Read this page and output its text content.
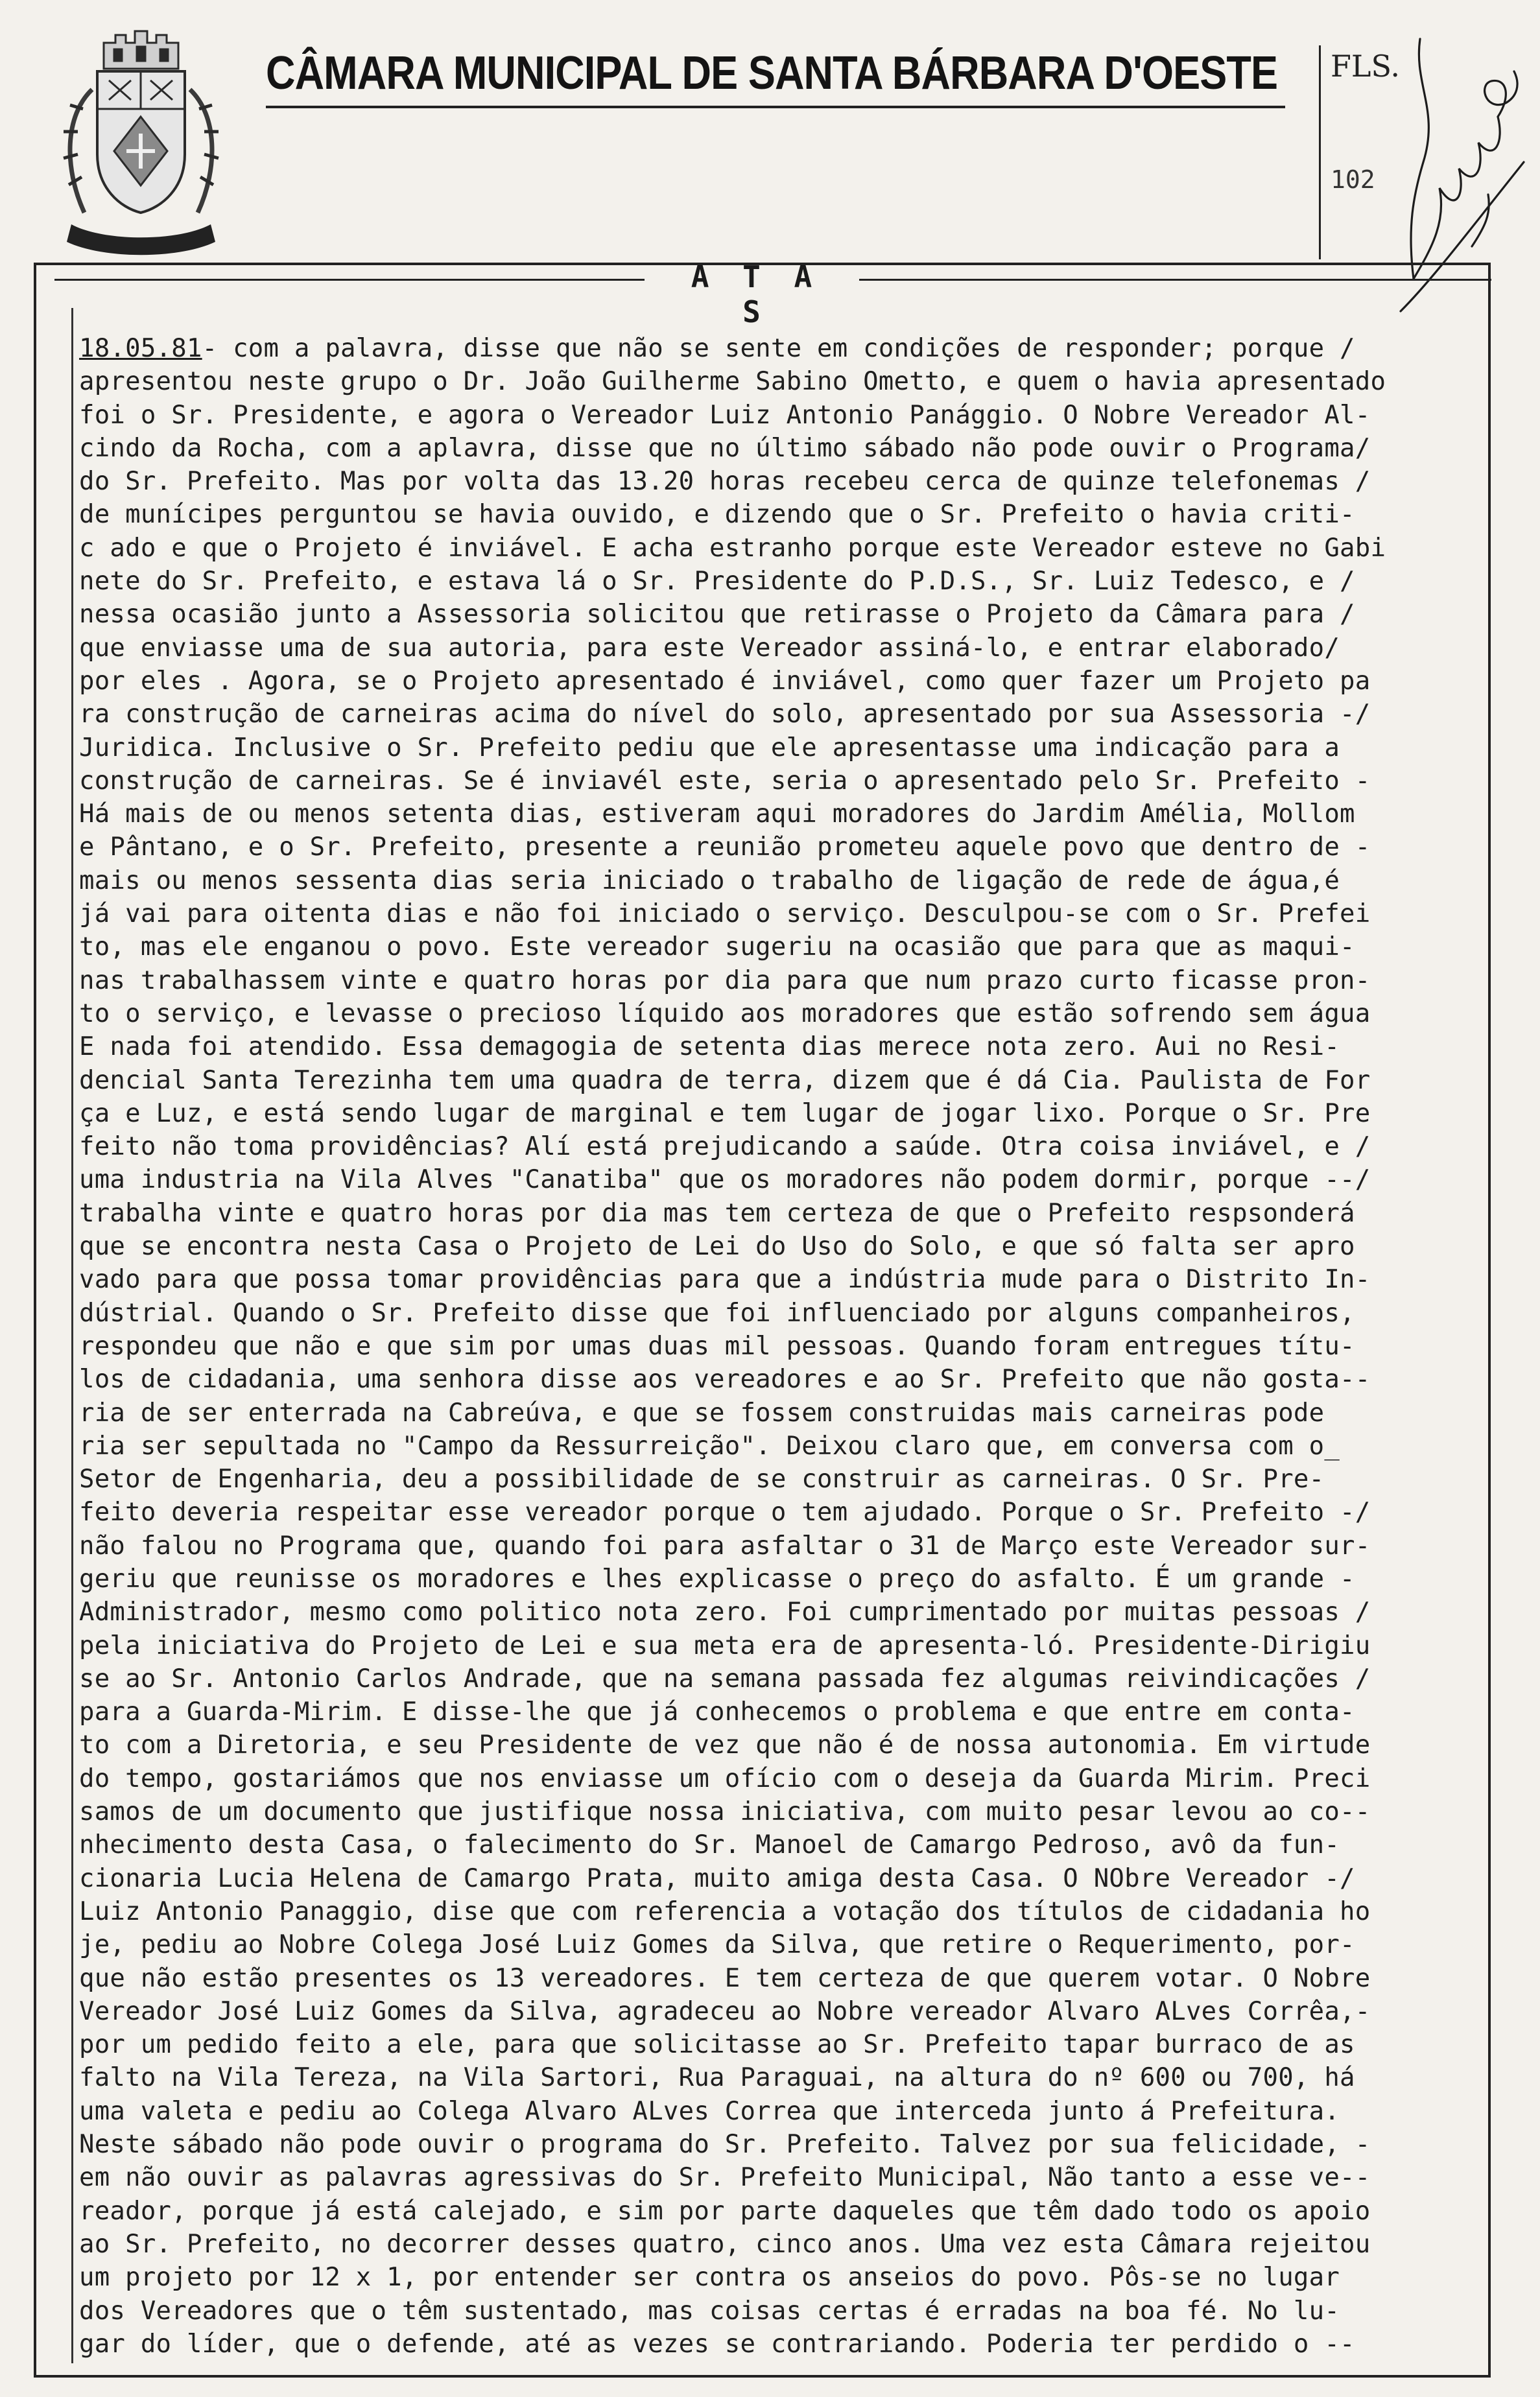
CÂMARA MUNICIPAL DE SANTA BÁRBARA D'OESTE FLS.
102
A T A S
18.05.81- com a palavra, disse que não se sente em condições de responder; porque /
apresentou neste grupo o Dr. João Guilherme Sabino Ometto, e quem o havia apresentado
foi o Sr. Presidente, e agora o Vereador Luiz Antonio Panággio. O Nobre Vereador Al-
cindo da Rocha, com a aplavra, disse que no último sábado não pode ouvir o Programa/
do Sr. Prefeito. Mas por volta das 13.20 horas recebeu cerca de quinze telefonemas /
de munícipes perguntou se havia ouvido, e dizendo que o Sr. Prefeito o havia criti-
c ado e que o Projeto é inviável. E acha estranho porque este Vereador esteve no Gabi
nete do Sr. Prefeito, e estava lá o Sr. Presidente do P.D.S., Sr. Luiz Tedesco, e /
nessa ocasião junto a Assessoria solicitou que retirasse o Projeto da Câmara para /
que enviasse uma de sua autoria, para este Vereador assiná-lo, e entrar elaborado/
por eles . Agora, se o Projeto apresentado é inviável, como quer fazer um Projeto pa
ra construção de carneiras acima do nível do solo, apresentado por sua Assessoria -/
Juridica. Inclusive o Sr. Prefeito pediu que ele apresentasse uma indicação para a
construção de carneiras. Se é inviavél este, seria o apresentado pelo Sr. Prefeito -
Há mais de ou menos setenta dias, estiveram aqui moradores do Jardim Amélia, Mollom
e Pântano, e o Sr. Prefeito, presente a reunião prometeu aquele povo que dentro de -
mais ou menos sessenta dias seria iniciado o trabalho de ligação de rede de água,é
já vai para oitenta dias e não foi iniciado o serviço. Desculpou-se com o Sr. Prefei
to, mas ele enganou o povo. Este vereador sugeriu na ocasião que para que as maqui-
nas trabalhassem vinte e quatro horas por dia para que num prazo curto ficasse pron-
to o serviço, e levasse o precioso líquido aos moradores que estão sofrendo sem água
E nada foi atendido. Essa demagogia de setenta dias merece nota zero. Aui no Resi-
dencial Santa Terezinha tem uma quadra de terra, dizem que é dá Cia. Paulista de For
ça e Luz, e está sendo lugar de marginal e tem lugar de jogar lixo. Porque o Sr. Pre
feito não toma providências? Alí está prejudicando a saúde. Otra coisa inviável, e /
uma industria na Vila Alves "Canatiba" que os moradores não podem dormir, porque --/
trabalha vinte e quatro horas por dia mas tem certeza de que o Prefeito respsonderá
que se encontra nesta Casa o Projeto de Lei do Uso do Solo, e que só falta ser apro
vado para que possa tomar providências para que a indústria mude para o Distrito In-
dústrial. Quando o Sr. Prefeito disse que foi influenciado por alguns companheiros,
respondeu que não e que sim por umas duas mil pessoas. Quando foram entregues títu-
los de cidadania, uma senhora disse aos vereadores e ao Sr. Prefeito que não gosta--
ria de ser enterrada na Cabreúva, e que se fossem construidas mais carneiras pode
ria ser sepultada no "Campo da Ressurreição". Deixou claro que, em conversa com o_
Setor de Engenharia, deu a possibilidade de se construir as carneiras. O Sr. Pre-
feito deveria respeitar esse vereador porque o tem ajudado. Porque o Sr. Prefeito -/
não falou no Programa que, quando foi para asfaltar o 31 de Março este Vereador sur-
geriu que reunisse os moradores e lhes explicasse o preço do asfalto. É um grande -
Administrador, mesmo como politico nota zero. Foi cumprimentado por muitas pessoas /
pela iniciativa do Projeto de Lei e sua meta era de apresenta-ló. Presidente-Dirigiu
se ao Sr. Antonio Carlos Andrade, que na semana passada fez algumas reivindicações /
para a Guarda-Mirim. E disse-lhe que já conhecemos o problema e que entre em conta-
to com a Diretoria, e seu Presidente de vez que não é de nossa autonomia. Em virtude
do tempo, gostariámos que nos enviasse um ofício com o deseja da Guarda Mirim. Preci
samos de um documento que justifique nossa iniciativa, com muito pesar levou ao co--
nhecimento desta Casa, o falecimento do Sr. Manoel de Camargo Pedroso, avô da fun-
cionaria Lucia Helena de Camargo Prata, muito amiga desta Casa. O NObre Vereador -/
Luiz Antonio Panaggio, dise que com referencia a votação dos títulos de cidadania ho
je, pediu ao Nobre Colega José Luiz Gomes da Silva, que retire o Requerimento, por-
que não estão presentes os 13 vereadores. E tem certeza de que querem votar. O Nobre
Vereador José Luiz Gomes da Silva, agradeceu ao Nobre vereador Alvaro ALves Corrêa,-
por um pedido feito a ele, para que solicitasse ao Sr. Prefeito tapar burraco de as
falto na Vila Tereza, na Vila Sartori, Rua Paraguai, na altura do nº 600 ou 700, há
uma valeta e pediu ao Colega Alvaro ALves Correa que interceda junto á Prefeitura.
Neste sábado não pode ouvir o programa do Sr. Prefeito. Talvez por sua felicidade, -
em não ouvir as palavras agressivas do Sr. Prefeito Municipal, Não tanto a esse ve--
reador, porque já está calejado, e sim por parte daqueles que têm dado todo os apoio
ao Sr. Prefeito, no decorrer desses quatro, cinco anos. Uma vez esta Câmara rejeitou
um projeto por 12 x 1, por entender ser contra os anseios do povo. Pôs-se no lugar
dos Vereadores que o têm sustentado, mas coisas certas é erradas na boa fé. No lu-
gar do líder, que o defende, até as vezes se contrariando. Poderia ter perdido o --
